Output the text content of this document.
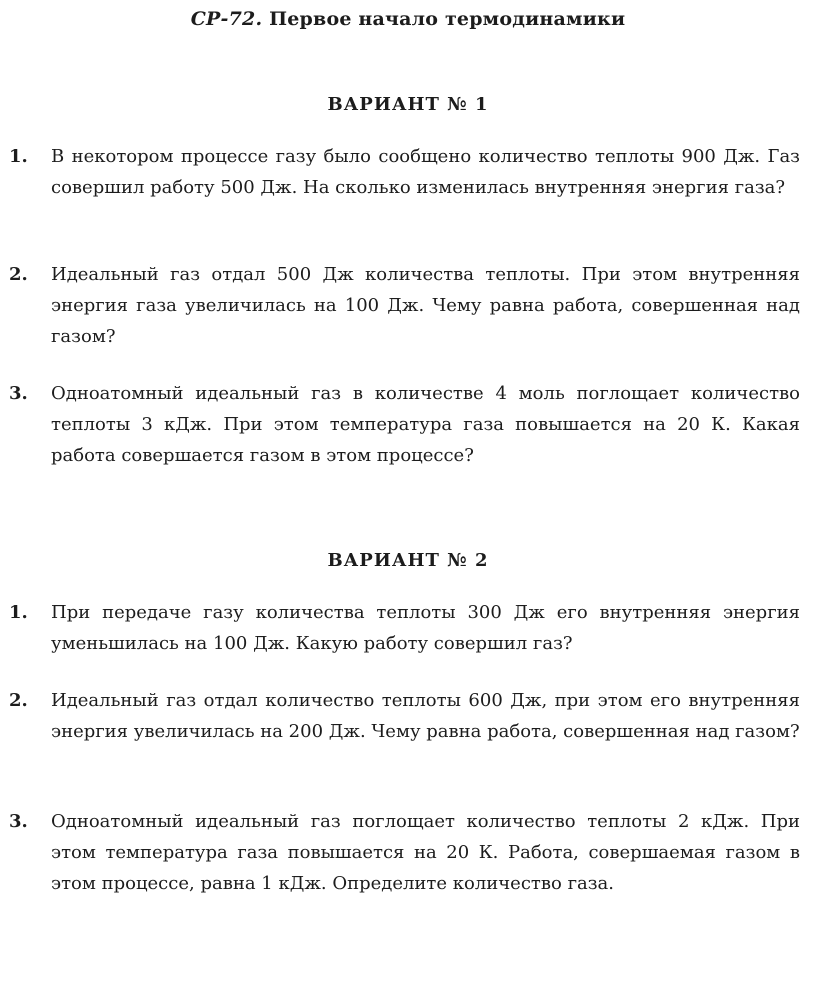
СР-72. Первое начало термодинамики
ВАРИАНТ № 1
1. В некотором процессе газу было сообщено количество теплоты 900 Дж. Газ совершил работу 500 Дж. На сколько изменилась внутренняя энергия газа?
2. Идеальный газ отдал 500 Дж количества теплоты. При этом внутренняя энергия газа увеличилась на 100 Дж. Чему равна работа, совершенная над газом?
3. Одноатомный идеальный газ в количестве 4 моль поглощает количество теплоты 3 кДж. При этом температура газа повышается на 20 К. Какая работа совершается газом в этом процессе?
ВАРИАНТ № 2
1. При передаче газу количества теплоты 300 Дж его внутренняя энергия уменьшилась на 100 Дж. Какую работу совершил газ?
2. Идеальный газ отдал количество теплоты 600 Дж, при этом его внутренняя энергия увеличилась на 200 Дж. Чему равна работа, совершенная над газом?
3. Одноатомный идеальный газ поглощает количество теплоты 2 кДж. При этом температура газа повышается на 20 К. Работа, совершаемая газом в этом процессе, равна 1 кДж. Определите количество газа.
